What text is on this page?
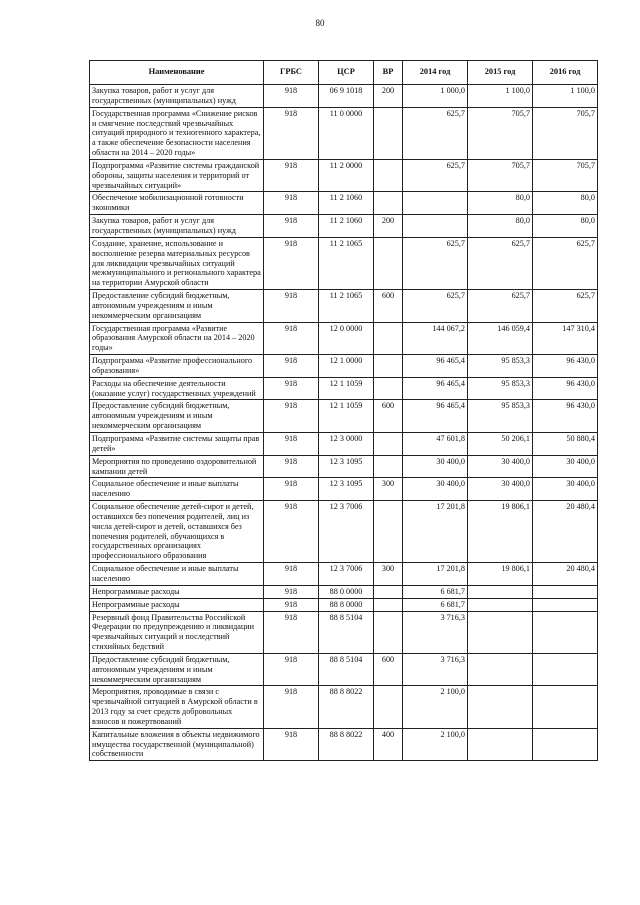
80
Наименование	ГРБС	ЦСР	ВР	2014 год	2015 год	2016 год
Закупка товаров, работ и услуг для государственных (муниципальных) нужд	918	06 9 1018	200	1 000,0	1 100,0	1 100,0
Государственная программа «Снижение рисков и смягчение последствий чрезвычайных ситуаций природного и техногенного характера, а также обеспечение безопасности населения области на 2014 – 2020 годы»	918	11 0 0000		625,7	705,7	705,7
Подпрограмма «Развитие системы гражданской обороны, защиты населения и территорий от чрезвычайных ситуаций»	918	11 2 0000		625,7	705,7	705,7
Обеспечение мобилизационной готовности экономики	918	11 2 1060			80,0	80,0
Закупка товаров, работ и услуг для государственных (муниципальных) нужд	918	11 2 1060	200		80,0	80,0
Создание, хранение, использование и восполнение резерва материальных ресурсов для ликвидации чрезвычайных ситуаций межмуниципального и регионального характера на территории Амурской области	918	11 2 1065		625,7	625,7	625,7
Предоставление субсидий бюджетным, автономным учреждениям и иным некоммерческим организациям	918	11 2 1065	600	625,7	625,7	625,7
Государственная программа «Развитие образования Амурской области на 2014 – 2020 годы»	918	12 0 0000		144 067,2	146 059,4	147 310,4
Подпрограмма «Развитие профессионального образования»	918	12 1 0000		96 465,4	95 853,3	96 430,0
Расходы на обеспечение деятельности (оказание услуг) государственных учреждений	918	12 1 1059		96 465,4	95 853,3	96 430,0
Предоставление субсидий бюджетным, автономным учреждениям и иным некоммерческим организациям	918	12 1 1059	600	96 465,4	95 853,3	96 430,0
Подпрограмма «Развитие системы защиты прав детей»	918	12 3 0000		47 601,8	50 206,1	50 880,4
Мероприятия по проведению оздоровительной кампании детей	918	12 3 1095		30 400,0	30 400,0	30 400,0
Социальное обеспечение и иные выплаты населению	918	12 3 1095	300	30 400,0	30 400,0	30 400,0
Социальное обеспечение детей-сирот и детей, оставшихся без попечения родителей, лиц из числа детей-сирот и детей, оставшихся без попечения родителей, обучающихся в государственных организациях профессионального образования	918	12 3 7006		17 201,8	19 806,1	20 480,4
Социальное обеспечение и иные выплаты населению	918	12 3 7006	300	17 201,8	19 806,1	20 480,4
Непрограммные расходы	918	88 0 0000		6 681,7		
Непрограммные расходы	918	88 8 0000		6 681,7		
Резервный фонд Правительства Российской Федерации по предупреждению и ликвидации чрезвычайных ситуаций и последствий стихийных бедствий	918	88 8 5104		3 716,3		
Предоставление субсидий бюджетным, автономным учреждениям и иным некоммерческим организациям	918	88 8 5104	600	3 716,3		
Мероприятия, проводимые в связи с чрезвычайной ситуацией в Амурской области в 2013 году за счет средств добровольных взносов и пожертвований	918	88 8 8022		2 100,0		
Капитальные вложения в объекты недвижимого имущества государственной (муниципальной) собственности	918	88 8 8022	400	2 100,0		
